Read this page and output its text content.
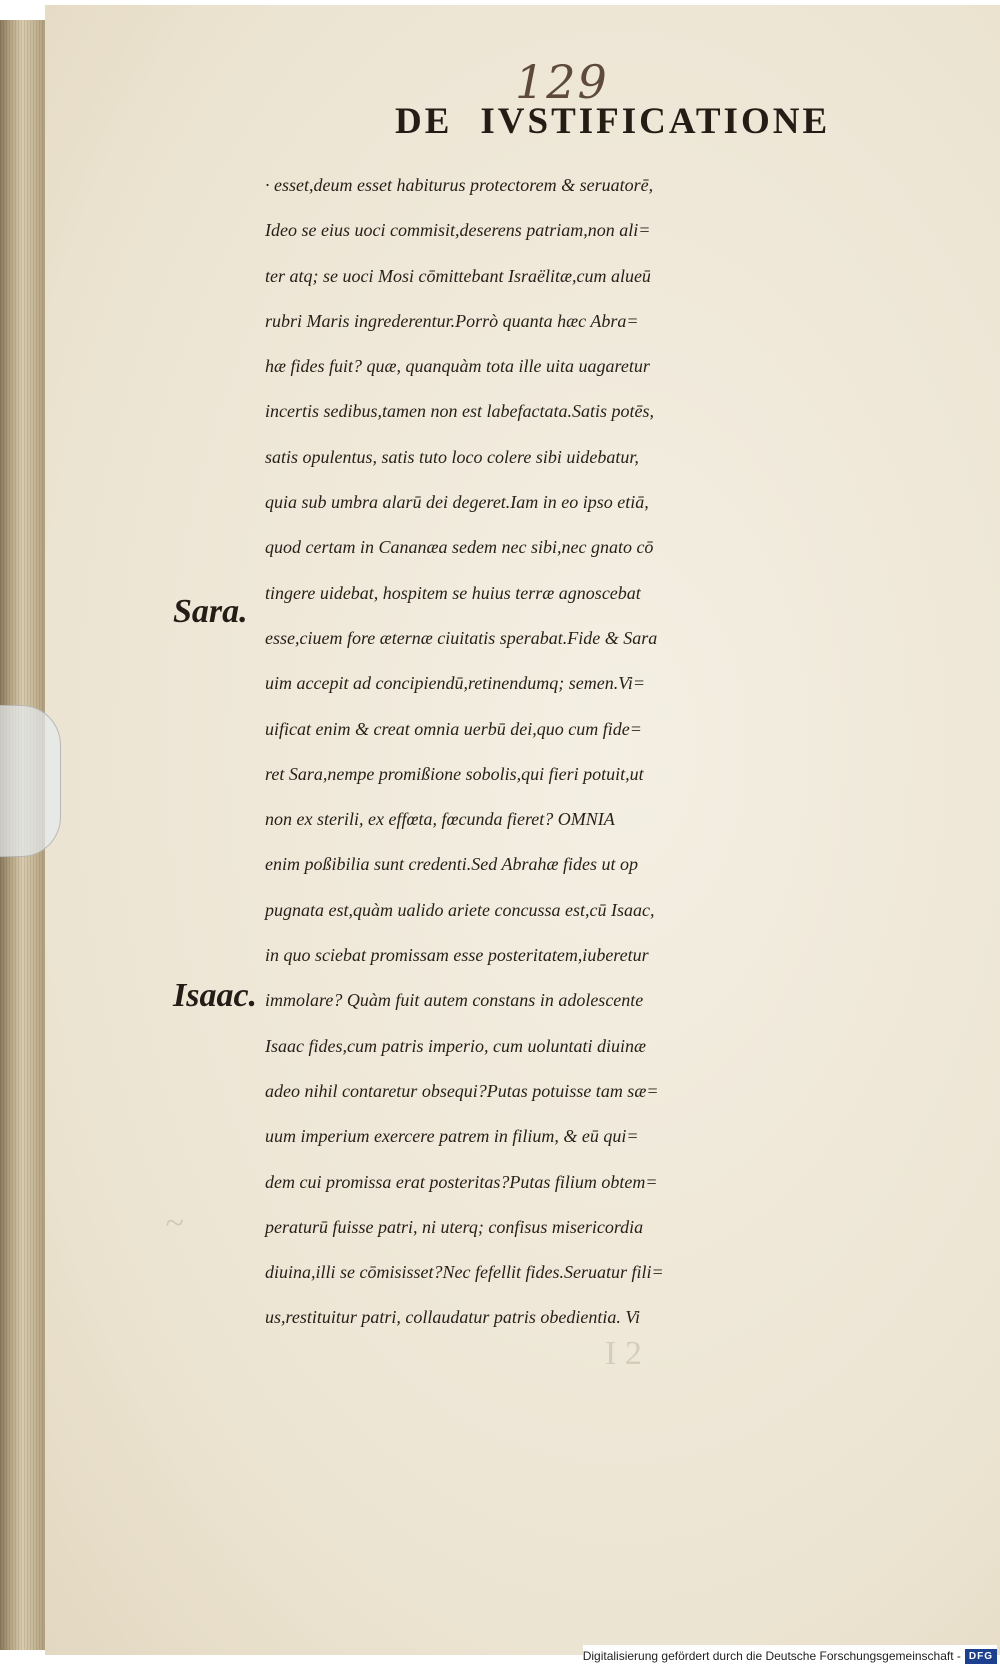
129
DE IVSTIFICATIONE
~
Sara.
Isaac.
· esset,deum esset habiturus protectorem & seruatorē,
Ideo se eius uoci commisit,deserens patriam,non ali=
ter atq; se uoci Mosi cōmittebant Israëlitæ,cum alueū
rubri Maris ingrederentur.Porrò quanta hæc Abra=
hæ fides fuit? quæ, quanquàm tota ille uita uagaretur
incertis sedibus,tamen non est labefactata.Satis potēs,
satis opulentus, satis tuto loco colere sibi uidebatur,
quia sub umbra alarū dei degeret.Iam in eo ipso etiā,
quod certam in Cananæa sedem nec sibi,nec gnato cō
tingere uidebat, hospitem se huius terræ agnoscebat
esse,ciuem fore æternæ ciuitatis sperabat.Fide & Sara
uim accepit ad concipiendū,retinendumq; semen.Vi=
uificat enim & creat omnia uerbū dei,quo cum fide=
ret Sara,nempe promißione sobolis,qui fieri potuit,ut
non ex sterili, ex effœta, fœcunda fieret? OMNIA
enim poßibilia sunt credenti.Sed Abrahæ fides ut op
pugnata est,quàm ualido ariete concussa est,cū Isaac,
in quo sciebat promissam esse posteritatem,iuberetur
immolare? Quàm fuit autem constans in adolescente
Isaac fides,cum patris imperio, cum uoluntati diuinæ
adeo nihil contaretur obsequi?Putas potuisse tam sæ=
uum imperium exercere patrem in filium, & eū qui=
dem cui promissa erat posteritas?Putas filium obtem=
peraturū fuisse patri, ni uterq; confisus misericordia
diuina,illi se cōmisisset?Nec fefellit fides.Seruatur fili=
us,restituitur patri, collaudatur patris obedientia. Vi
I 2
Digitalisierung gefördert durch die Deutsche Forschungsgemeinschaft - DFG
